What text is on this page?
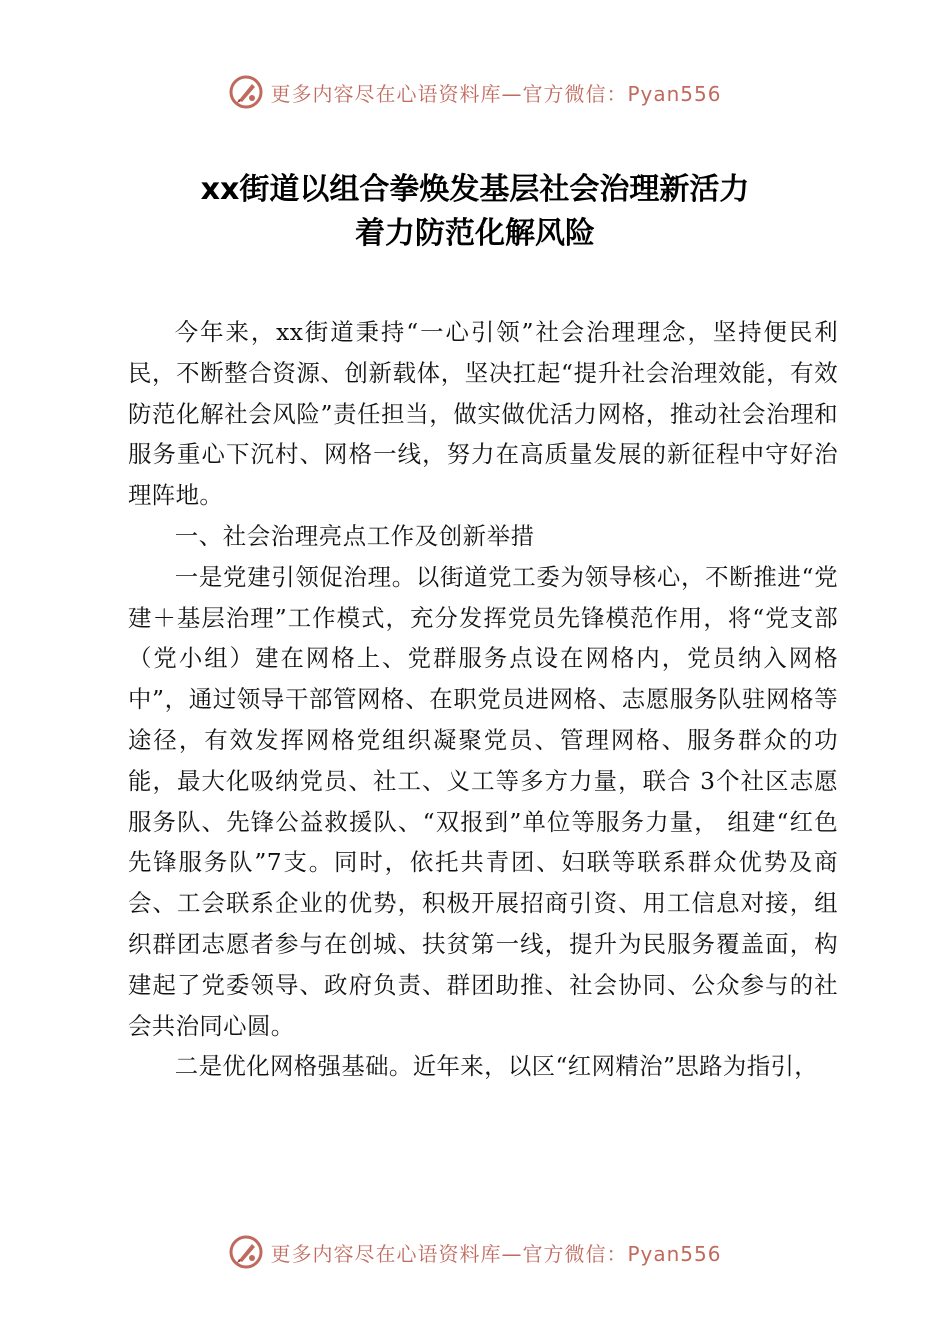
更多内容尽在心语资料库—官方微信：Pyan556
xx街道以组合拳焕发基层社会治理新活力
着力防范化解风险

今年来，xx街道秉持“一心引领”社会治理理念，坚持便民利民，不断整合资源、创新载体，坚决扛起“提升社会治理效能，有效防范化解社会风险”责任担当，做实做优活力网格，推动社会治理和服务重心下沉村、网格一线，努力在高质量发展的新征程中守好治理阵地。

一、社会治理亮点工作及创新举措

一是党建引领促治理。以街道党工委为领导核心，不断推进“党建＋基层治理”工作模式，充分发挥党员先锋模范作用，将“党支部（党小组）建在网格上、党群服务点设在网格内，党员纳入网格中”，通过领导干部管网格、在职党员进网格、志愿服务队驻网格等途径，有效发挥网格党组织凝聚党员、管理网格、服务群众的功能，最大化吸纳党员、社工、义工等多方力量，联合 3个社区志愿服务队、先锋公益救援队、“双报到”单位等服务力量， 组建“红色先锋服务队”7支。同时，依托共青团、妇联等联系群众优势及商会、工会联系企业的优势，积极开展招商引资、用工信息对接，组织群团志愿者参与在创城、扶贫第一线，提升为民服务覆盖面，构建起了党委领导、政府负责、群团助推、社会协同、公众参与的社会共治同心圆。

二是优化网格强基础。近年来，以区“红网精治”思路为指引，

更多内容尽在心语资料库—官方微信：Pyan556
